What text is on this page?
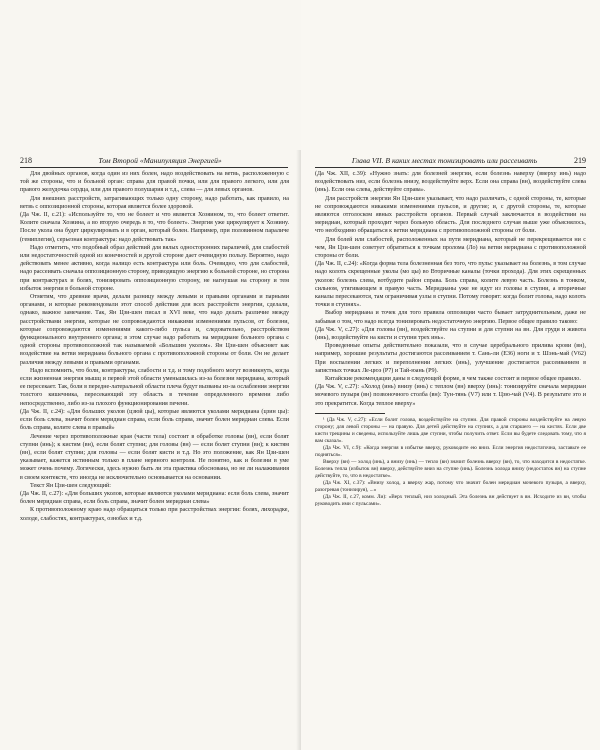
218	Том Второй «Манипуляция Энергией»

Для двойных органов, когда один из них болен, надо воздействовать на ветвь, расположенную с той же стороны, что и больной орган: справа для правой почки, или для правого легкого, или для правого желудочка сердца, или для правого полушария и т.д., слева — для левых органов.

Для внешних расстройств, затрагивающих только одну сторону, надо работать, как правило, на ветвь с оппозиционной стороны, которая является более здоровой.

(Да Чж. II, с.21): «Используйте то, что не болеет и что является Хозяином, то, что болеет ответит. Колите сначала Хозяина, а во вторую очередь в то, что болеет». Энергия уже циркулирует к Хозяину. После укола она будет циркулировать и в орган, который болен. Например, при половинном параличе (гемиплегия), серьезная контрактура: надо действовать так»

Надо отметить, что подобный образ действий для вялых односторонних параличей, для слабостей или недостаточностей одной из конечностей и другой стороне дает очевидную пользу. Вероятно, надо действовать менее активно, когда налицо есть контрактура или боль. Очевидно, что для слабостей, надо рассеивать сначала оппозиционную сторону, приводящую энергию к больной стороне, но сторона при контрактурах и болях, тонизировать оппозиционную сторону, не нагнушая на сторону и тем избыток энергии в больной стороне.

Отметим, что древние врачи, делали разницу между левыми и правыми органами и парными органами, и которые рекомендовали этот способ действия для всех расстройств энергии, сделали, однако, важное замечание. Так, Ян Цзи-шен писал в XVI веке, что надо делать различие между расстройствами энергии, которые не сопровождаются никакими изменениями пульсов, от болезни, которые сопровождаются изменениями какого-либо пульса и, следовательно, расстройством функционального внутреннего органа; в этом случае надо работать на меридиане больного органа с одной стороны противоположной так называемой «Большим уколом». Ян Цзи-шен объясняет как воздействие на ветви меридиана больного органа с противоположной стороны от боли. Он не делает различия между левыми и правыми органами.

Надо вспомнить, что боли, контрактуры, слабости и т.д. и тому подобного могут возникнуть, когда если жизненная энергия мышц и первой этой области уменьшилась из-за болезни меридиана, который ее пересекает. Так, боли в передне-латеральной области плеча будут вызваны из-за ослабления энергии толстого кишечника, пересекающий эту область в течение определенного времени либо непосредственно, либо из-за плохого функционирования печени.

(Да Чж. II, с.24): «Для больших уколов (цзюй цы), которые являются уколами меридиана (цзин цы): если боль слева, значит болен меридиан справа, если боль справа, значит болен меридиан слева. Если боль справа, колите слева в правый»

Лечение через противоположные края (части тела) состоит в обработке головы (вн), если болят ступни (инь); к кистям (вн), если болят ступни; для головы (вн) — если болят ступни (вн); к кистям (вн), если болят ступни; для головы — если болят кисти и т.д. Но это положение, как Ян Цзи-шен указывает, кажется истинным только в плане нервного контроля. Не понятно, как и болезни в уме может очень почему. Логически, здесь нужно быть ли эта практика обоснована, но не ли налаживания в своем контексте, что иногда не исключительно основывается на основании.

Текст Ян Цзи-шен следующий:

(Да Чж. II, с.27): «Для больших уколов, которые являются уколами меридиана: если боль слева, значит болен меридиан справа, если боль справа, значит болен меридиан слева»

К противоположному краю надо обращаться только при расстройствах энергии: болях, лихорадке, холоде, слабостях, контрактурах, ознобах и т.д.

Глава VII. В каких местах тонизировать или рассеивать	219

(Да Чж. XII, с.39): «Нужно знать: для болезней энергии, если болезнь наверху (вверху инь) надо воздействовать низ, если болезнь внизу, воздействуйте верх. Если она справа (вн), воздействуйте слева (инь). Если она слева, действуйте справа».

Для расстройств энергии Ян Цзи-шен указывает, что надо различать, с одной стороны, те, которые не сопровождаются никакими изменениями пульсов, и другие; и, с другой стороны, те, которые являются отголоском явных расстройств органов. Первый случай заключается в воздействии на меридиан, который проходит через больную область. Для последнего случая выше уже объяснялось, что необходимо обращаться к ветви меридиана с противоположной стороны от боли.

Для болей или слабостей, расположенных на пути меридиана, который не перекрещивается ни с чем, Ян Цзи-шен советует обратиться к точкам пролома (Ло) на ветви меридиана с противоположной стороны от боли.

(Да Чж. II, с.24): «Когда форма тела болезненная без того, что пульс указывает на болезнь, в том случае надо колоть скрещенные уколы (мо цы) во Вторичные каналы (точки прохода). Для этих скрещенных уколов: болезнь слева, вотбудите район справа. Боль справа, колите левую часть. Болезнь в тонком, сильном, утягивающем в правую часть. Меридианы уже не идут из головы в ступни, а вторичные каналы пересекаются, там ограничивая узлы в ступни. Потому говорят: когда болит голова, надо колоть точки в ступнях».

Выбор меридиана и точек для того правила оппозиции часто бывает затруднительным, даже не забывая о том, что надо всегда тонизировать недостаточную энергию. Первое общее правило таково:

(Да Чж. V, с.27): «Для головы (вн), воздействуйте на ступни и для ступни на вн. Для груди и живота (инь), воздействуйте на кисти и ступни трех инь».

Проведенные опыты действительно показали, что в случае церебрального прилива крови (вн), например, хорошие результаты достигаются рассеиванием т. Сань-ли (Е36) ноги и т. Шэнь-май (V62) При воспалении легких и переполнении легких (инь), улучшение достигается рассеиванием в запястных точках Ле-цюэ (P7) и Тай-юань (P9).

Китайские рекомендации даны в следующей форме, в чем также состоит и первое общее правило.

(Да Чж. V, с.27): «Холод (инь) внизу (инь) с теплом (вн) вверху (инь): тонизируйте сначала меридиан мочевого пузыря (вн) позвоночного столба (вн): Тун-тянь (V7) или т. Цзю-чай (V4). В результате это и это прекратится. Когда теплое вверху»

¹ (Да Чж. V, с.27): «Если болит голова, воздействуйте на ступни. Для правой стороны воздействуйте на левую сторону; для левой стороны — на правую. Для детей действуйте на ступнях, а для старшего — на кистях. Если две кисти трещины и сведены, используйте лишь две ступни, чтобы получить ответ. Если вы будете следовать тому, что я вам сказал».

(Да Чж. VI, с.9): «Когда энергия в избытке вверху, руководите ею вниз. Если энергия недостаточна, заставьте ее подняться».

Вверху (вн) — холод (инь), а внизу (инь) — тепло (вн) значит болезнь вверху (вн), то, что находится в недостатке. Болезнь тепла (избыток вн) вверху, действуйте вниз на ступне (инь). Болезнь холода внизу (недостаток вн) на ступне действуйте, то, что в недостатке».

(Да Чж. XI, с.37): «Внизу холод, а вверху жар, потому что значит болен меридиан мочевого пузыря, а вверху, разогревая (тонизируя), ...»

(Да Чж. II, с.27, комм. Ли): «Верх теплый, низ холодный. Эта болезнь вн действует в вн. Исходите из вн, чтобы руководить ими с пульсами».
